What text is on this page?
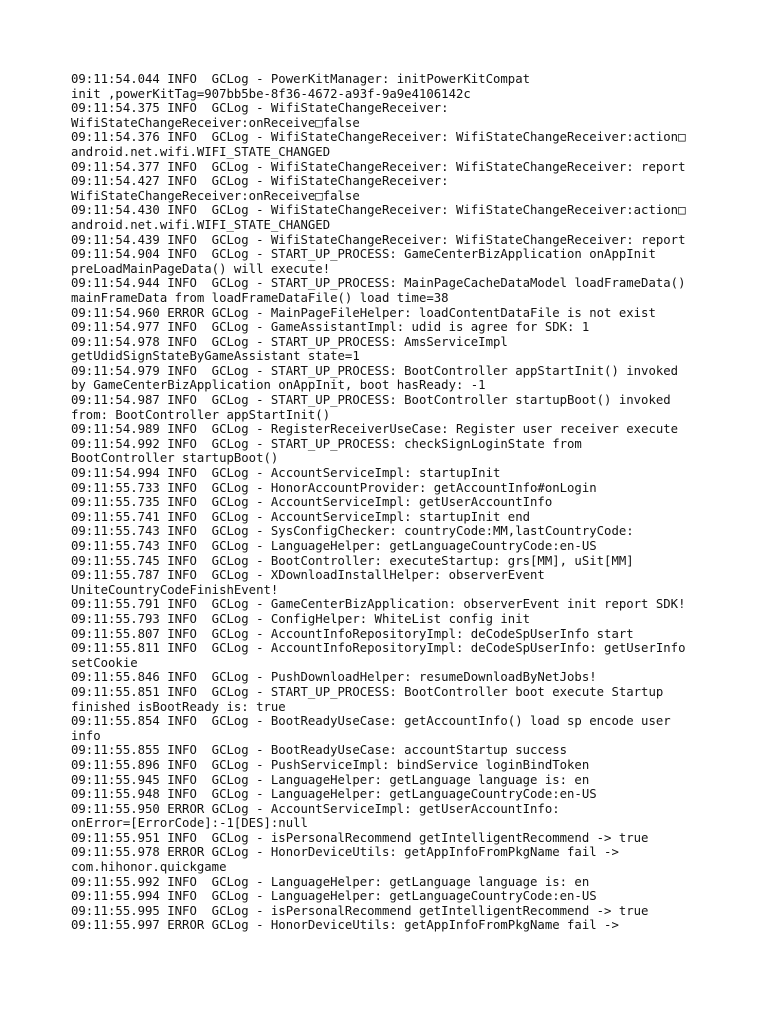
09:11:54.044 INFO  GCLog - PowerKitManager: initPowerKitCompat
init ,powerKitTag=907bb5be-8f36-4672-a93f-9a9e4106142c
09:11:54.375 INFO  GCLog - WifiStateChangeReceiver:
WifiStateChangeReceiver:onReceive□false
09:11:54.376 INFO  GCLog - WifiStateChangeReceiver: WifiStateChangeReceiver:action□
android.net.wifi.WIFI_STATE_CHANGED
09:11:54.377 INFO  GCLog - WifiStateChangeReceiver: WifiStateChangeReceiver: report
09:11:54.427 INFO  GCLog - WifiStateChangeReceiver:
WifiStateChangeReceiver:onReceive□false
09:11:54.430 INFO  GCLog - WifiStateChangeReceiver: WifiStateChangeReceiver:action□
android.net.wifi.WIFI_STATE_CHANGED
09:11:54.439 INFO  GCLog - WifiStateChangeReceiver: WifiStateChangeReceiver: report
09:11:54.904 INFO  GCLog - START_UP_PROCESS: GameCenterBizApplication onAppInit
preLoadMainPageData() will execute!
09:11:54.944 INFO  GCLog - START_UP_PROCESS: MainPageCacheDataModel loadFrameData()
mainFrameData from loadFrameDataFile() load time=38
09:11:54.960 ERROR GCLog - MainPageFileHelper: loadContentDataFile is not exist
09:11:54.977 INFO  GCLog - GameAssistantImpl: udid is agree for SDK: 1
09:11:54.978 INFO  GCLog - START_UP_PROCESS: AmsServiceImpl
getUdidSignStateByGameAssistant state=1
09:11:54.979 INFO  GCLog - START_UP_PROCESS: BootController appStartInit() invoked
by GameCenterBizApplication onAppInit, boot hasReady: -1
09:11:54.987 INFO  GCLog - START_UP_PROCESS: BootController startupBoot() invoked
from: BootController appStartInit()
09:11:54.989 INFO  GCLog - RegisterReceiverUseCase: Register user receiver execute
09:11:54.992 INFO  GCLog - START_UP_PROCESS: checkSignLoginState from
BootController startupBoot()
09:11:54.994 INFO  GCLog - AccountServiceImpl: startupInit
09:11:55.733 INFO  GCLog - HonorAccountProvider: getAccountInfo#onLogin
09:11:55.735 INFO  GCLog - AccountServiceImpl: getUserAccountInfo
09:11:55.741 INFO  GCLog - AccountServiceImpl: startupInit end
09:11:55.743 INFO  GCLog - SysConfigChecker: countryCode:MM,lastCountryCode:
09:11:55.743 INFO  GCLog - LanguageHelper: getLanguageCountryCode:en-US
09:11:55.745 INFO  GCLog - BootController: executeStartup: grs[MM], uSit[MM]
09:11:55.787 INFO  GCLog - XDownloadInstallHelper: observerEvent
UniteCountryCodeFinishEvent!
09:11:55.791 INFO  GCLog - GameCenterBizApplication: observerEvent init report SDK!
09:11:55.793 INFO  GCLog - ConfigHelper: WhiteList config init
09:11:55.807 INFO  GCLog - AccountInfoRepositoryImpl: deCodeSpUserInfo start
09:11:55.811 INFO  GCLog - AccountInfoRepositoryImpl: deCodeSpUserInfo: getUserInfo
setCookie
09:11:55.846 INFO  GCLog - PushDownloadHelper: resumeDownloadByNetJobs!
09:11:55.851 INFO  GCLog - START_UP_PROCESS: BootController boot execute Startup
finished isBootReady is: true
09:11:55.854 INFO  GCLog - BootReadyUseCase: getAccountInfo() load sp encode user
info
09:11:55.855 INFO  GCLog - BootReadyUseCase: accountStartup success
09:11:55.896 INFO  GCLog - PushServiceImpl: bindService loginBindToken
09:11:55.945 INFO  GCLog - LanguageHelper: getLanguage language is: en
09:11:55.948 INFO  GCLog - LanguageHelper: getLanguageCountryCode:en-US
09:11:55.950 ERROR GCLog - AccountServiceImpl: getUserAccountInfo:
onError=[ErrorCode]:-1[DES]:null
09:11:55.951 INFO  GCLog - isPersonalRecommend getIntelligentRecommend -> true
09:11:55.978 ERROR GCLog - HonorDeviceUtils: getAppInfoFromPkgName fail ->
com.hihonor.quickgame
09:11:55.992 INFO  GCLog - LanguageHelper: getLanguage language is: en
09:11:55.994 INFO  GCLog - LanguageHelper: getLanguageCountryCode:en-US
09:11:55.995 INFO  GCLog - isPersonalRecommend getIntelligentRecommend -> true
09:11:55.997 ERROR GCLog - HonorDeviceUtils: getAppInfoFromPkgName fail ->
